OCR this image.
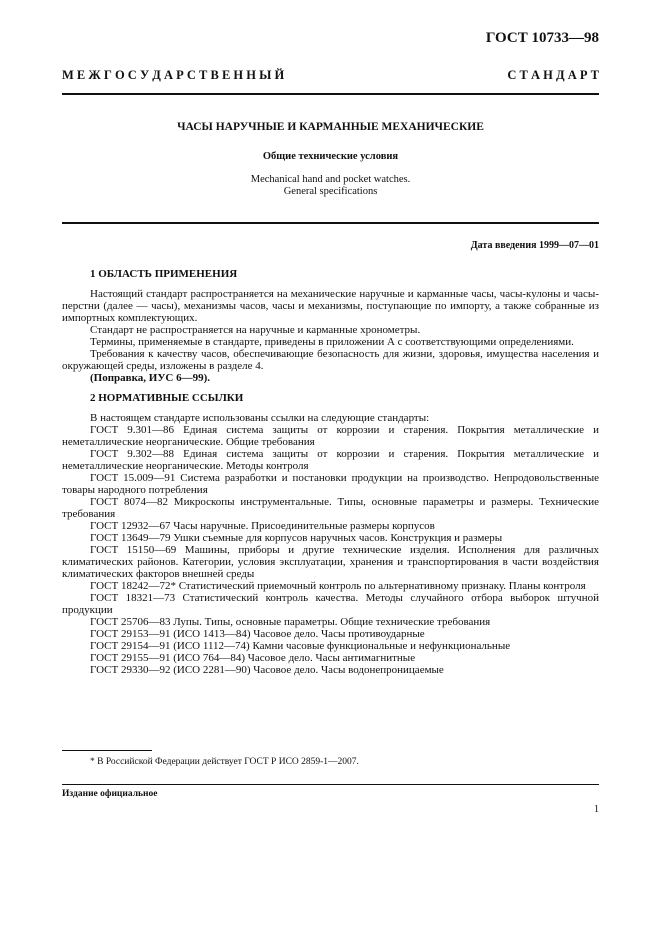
ГОСТ 10733—98
М Е Ж Г О С У Д А Р С Т В Е Н Н Ы Й	С Т А Н Д А Р Т
ЧАСЫ НАРУЧНЫЕ И КАРМАННЫЕ МЕХАНИЧЕСКИЕ
Общие технические условия
Mechanical hand and pocket watches.
General specifications
Дата введения 1999—07—01

1 ОБЛАСТЬ ПРИМЕНЕНИЯ

Настоящий стандарт распространяется на механические наручные и карманные часы, часы-кулоны и часы-перстни (далее — часы), механизмы часов, часы и механизмы, поступающие по импорту, а также собранные из импортных комплектующих.

Стандарт не распространяется на наручные и карманные хронометры.

Термины, применяемые в стандарте, приведены в приложении А с соответствующими определениями.

Требования к качеству часов, обеспечивающие безопасность для жизни, здоровья, имущества населения и окружающей среды, изложены в разделе 4.

(Поправка, ИУС 6—99).

2 НОРМАТИВНЫЕ ССЫЛКИ

В настоящем стандарте использованы ссылки на следующие стандарты:

ГОСТ 9.301—86 Единая система защиты от коррозии и старения. Покрытия металлические и неметаллические неорганические. Общие требования

ГОСТ 9.302—88 Единая система защиты от коррозии и старения. Покрытия металлические и неметаллические неорганические. Методы контроля

ГОСТ 15.009—91 Система разработки и постановки продукции на производство. Непродовольственные товары народного потребления

ГОСТ 8074—82 Микроскопы инструментальные. Типы, основные параметры и размеры. Технические требования

ГОСТ 12932—67 Часы наручные. Присоединительные размеры корпусов

ГОСТ 13649—79 Ушки съемные для корпусов наручных часов. Конструкция и размеры

ГОСТ 15150—69 Машины, приборы и другие технические изделия. Исполнения для различных климатических районов. Категории, условия эксплуатации, хранения и транспортирования в части воздействия климатических факторов внешней среды

ГОСТ 18242—72* Статистический приемочный контроль по альтернативному признаку. Планы контроля

ГОСТ 18321—73 Статистический контроль качества. Методы случайного отбора выборок штучной продукции

ГОСТ 25706—83 Лупы. Типы, основные параметры. Общие технические требования

ГОСТ 29153—91 (ИСО 1413—84) Часовое дело. Часы противоударные

ГОСТ 29154—91 (ИСО 1112—74) Камни часовые функциональные и нефункциональные

ГОСТ 29155—91 (ИСО 764—84) Часовое дело. Часы антимагнитные

ГОСТ 29330—92 (ИСО 2281—90) Часовое дело. Часы водонепроницаемые

* В Российской Федерации действует ГОСТ Р ИСО 2859-1—2007.
Издание официальное
1
